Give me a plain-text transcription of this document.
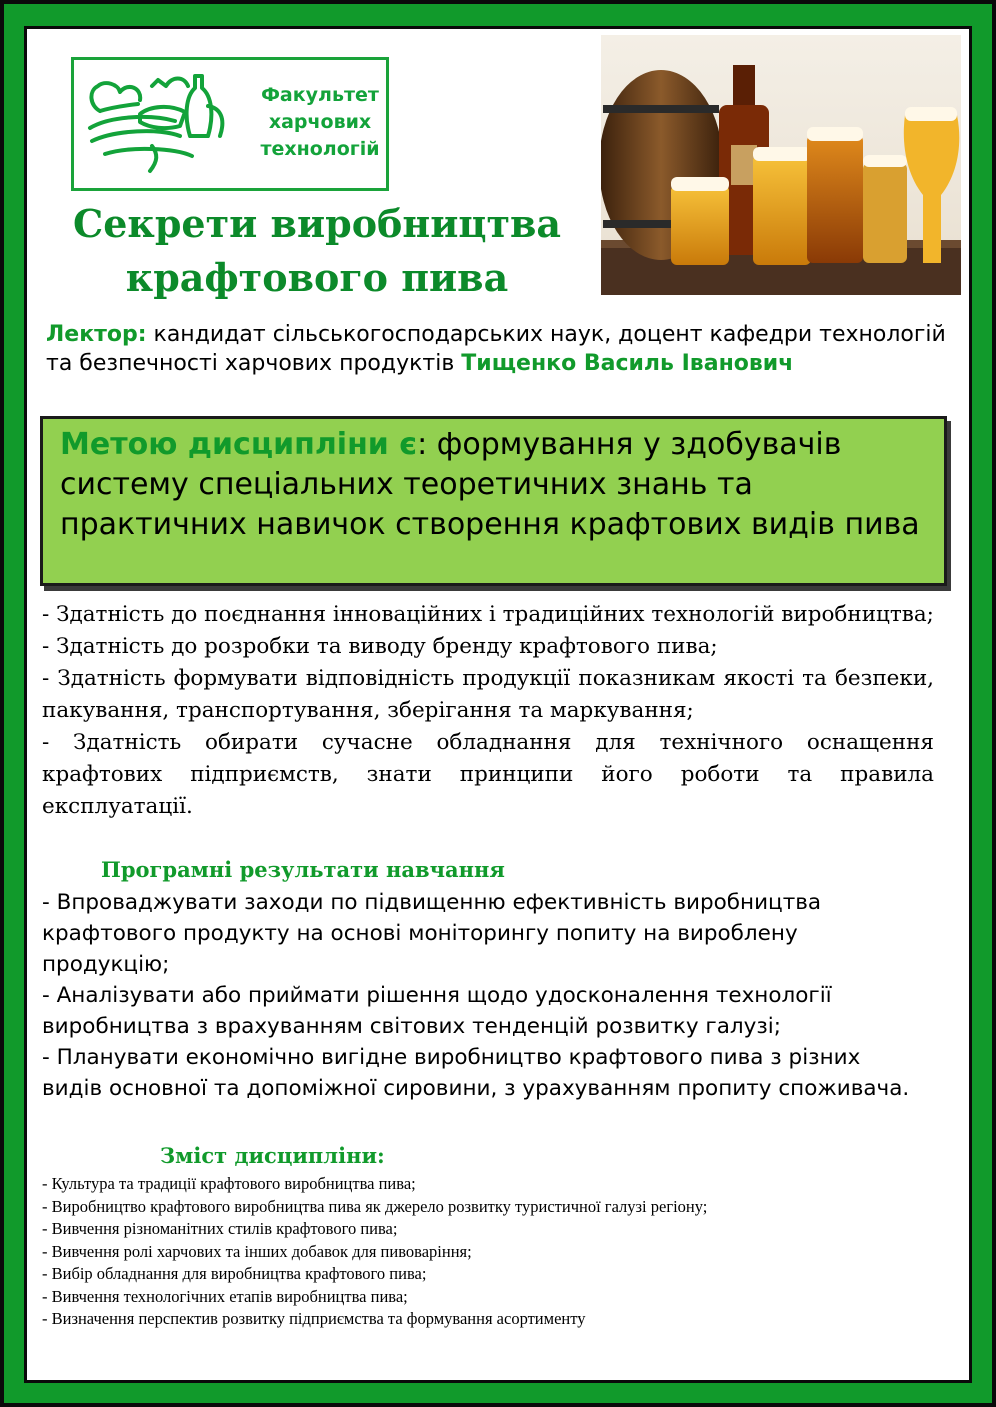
Факультет
харчових
технологій
Секрети виробництва
крафтового пива
Лектор: кандидат сільськогосподарських наук, доцент кафедри технологій та безпечності харчових продуктів Тищенко Василь Іванович
Метою дисципліни є: формування у здобувачів систему спеціальних теоретичних знань та практичних навичок створення крафтових видів пива

- Здатність до поєднання інноваційних і традиційних технологій виробництва;

- Здатність до розробки та виводу бренду крафтового пива;

- Здатність формувати відповідність продукції показникам якості та безпеки, пакування, транспортування, зберігання та маркування;

- Здатність обирати сучасне обладнання для технічного оснащення крафтових підприємств, знати принципи його роботи та правила експлуатації.

Програмні результати навчання

- Впроваджувати заходи по підвищенню ефективність виробництва крафтового продукту на основі моніторингу попиту на вироблену продукцію;

- Аналізувати або приймати рішення щодо удосконалення технології виробництва з врахуванням світових тенденцій розвитку галузі;

- Планувати економічно вигідне виробництво крафтового пива з різних видів основної та допоміжної сировини, з урахуванням пропиту споживача.

Зміст дисципліни:

- Культура та традиції крафтового виробництва пива;

- Виробництво крафтового виробництва пива як джерело розвитку туристичної галузі регіону;

- Вивчення різноманітних стилів крафтового пива;

- Вивчення ролі харчових та інших добавок для пивоваріння;

- Вибір обладнання для виробництва крафтового пива;

- Вивчення технологічних етапів виробництва пива;

- Визначення перспектив розвитку підприємства та формування асортименту
